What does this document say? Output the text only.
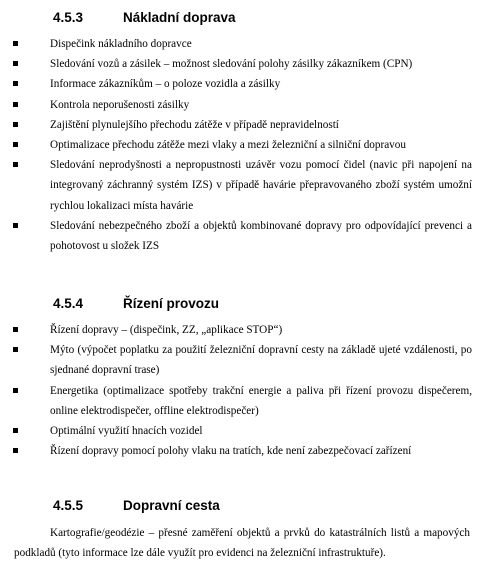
4.5.3	Nákladní doprava
Dispečink nákladního dopravce
Sledování vozů a zásilek – možnost sledování polohy zásilky zákazníkem (CPN)
Informace zákazníkům – o poloze vozidla a zásilky
Kontrola neporušenosti zásilky
Zajištění plynulejšího přechodu zátěže v případě nepravidelností
Optimalizace přechodu zátěže mezi vlaky a mezi železniční a silniční dopravou
Sledování neprodyšnosti a nepropustnosti uzávěr vozu pomocí čidel (navic při napojení na integrovaný záchranný systém IZS) v případě havárie přepravovaného zboží systém umožní rychlou lokalizaci místa havárie
Sledování nebezpečného zboží a objektů kombinované dopravy pro odpovídající prevenci a pohotovost u složek IZS
4.5.4	Řízení provozu
Řízení dopravy – (dispečink, ZZ, „aplikace STOP“)
Mýto (výpočet poplatku za použití železniční dopravní cesty na základě ujeté vzdálenosti, po sjednané dopravní trase)
Energetika (optimalizace spotřeby trakční energie a paliva při řízení provozu dispečerem, online elektrodispečer, offline elektrodispečer)
Optimální využití hnacích vozidel
Řízení dopravy pomocí polohy vlaku na tratích, kde není zabezpečovací zařízení
4.5.5	Dopravní cesta
Kartografie/geodézie – přesné zaměření objektů a prvků do katastrálních listů a mapových podkladů (tyto informace lze dále využít pro evidenci na železniční infrastruktuře).
